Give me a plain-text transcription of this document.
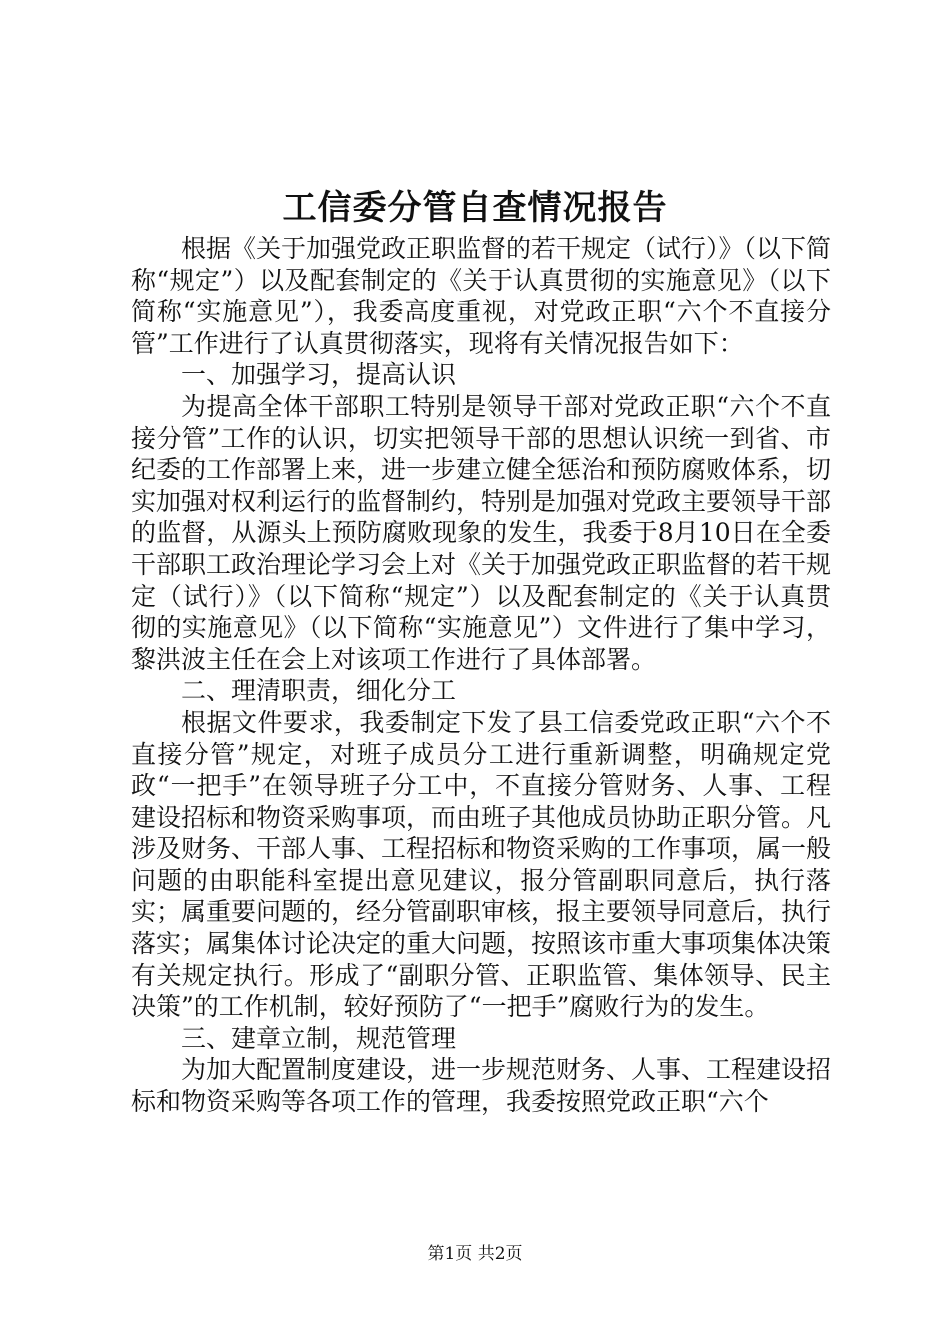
工信委分管自查情况报告

根据《关于加强党政正职监督的若干规定（试行）》（以下简称“规定”）以及配套制定的《关于认真贯彻的实施意见》（以下简称“实施意见”），我委高度重视，对党政正职“六个不直接分管”工作进行了认真贯彻落实，现将有关情况报告如下：

一、加强学习，提高认识

为提高全体干部职工特别是领导干部对党政正职“六个不直接分管”工作的认识，切实把领导干部的思想认识统一到省、市纪委的工作部署上来，进一步建立健全惩治和预防腐败体系，切实加强对权利运行的监督制约，特别是加强对党政主要领导干部的监督，从源头上预防腐败现象的发生，我委于8月10日在全委干部职工政治理论学习会上对《关于加强党政正职监督的若干规定（试行）》（以下简称“规定”）以及配套制定的《关于认真贯彻的实施意见》（以下简称“实施意见”）文件进行了集中学习，黎洪波主任在会上对该项工作进行了具体部署。

二、理清职责，细化分工

根据文件要求，我委制定下发了县工信委党政正职“六个不直接分管”规定，对班子成员分工进行重新调整，明确规定党政“一把手”在领导班子分工中，不直接分管财务、人事、工程建设招标和物资采购事项，而由班子其他成员协助正职分管。凡涉及财务、干部人事、工程招标和物资采购的工作事项，属一般问题的由职能科室提出意见建议，报分管副职同意后，执行落实；属重要问题的，经分管副职审核，报主要领导同意后，执行落实；属集体讨论决定的重大问题，按照该市重大事项集体决策有关规定执行。形成了“副职分管、正职监管、集体领导、民主决策”的工作机制，较好预防了“一把手”腐败行为的发生。

三、建章立制，规范管理

为加大配置制度建设，进一步规范财务、人事、工程建设招标和物资采购等各项工作的管理，我委按照党政正职“六个

第1页 共2页
